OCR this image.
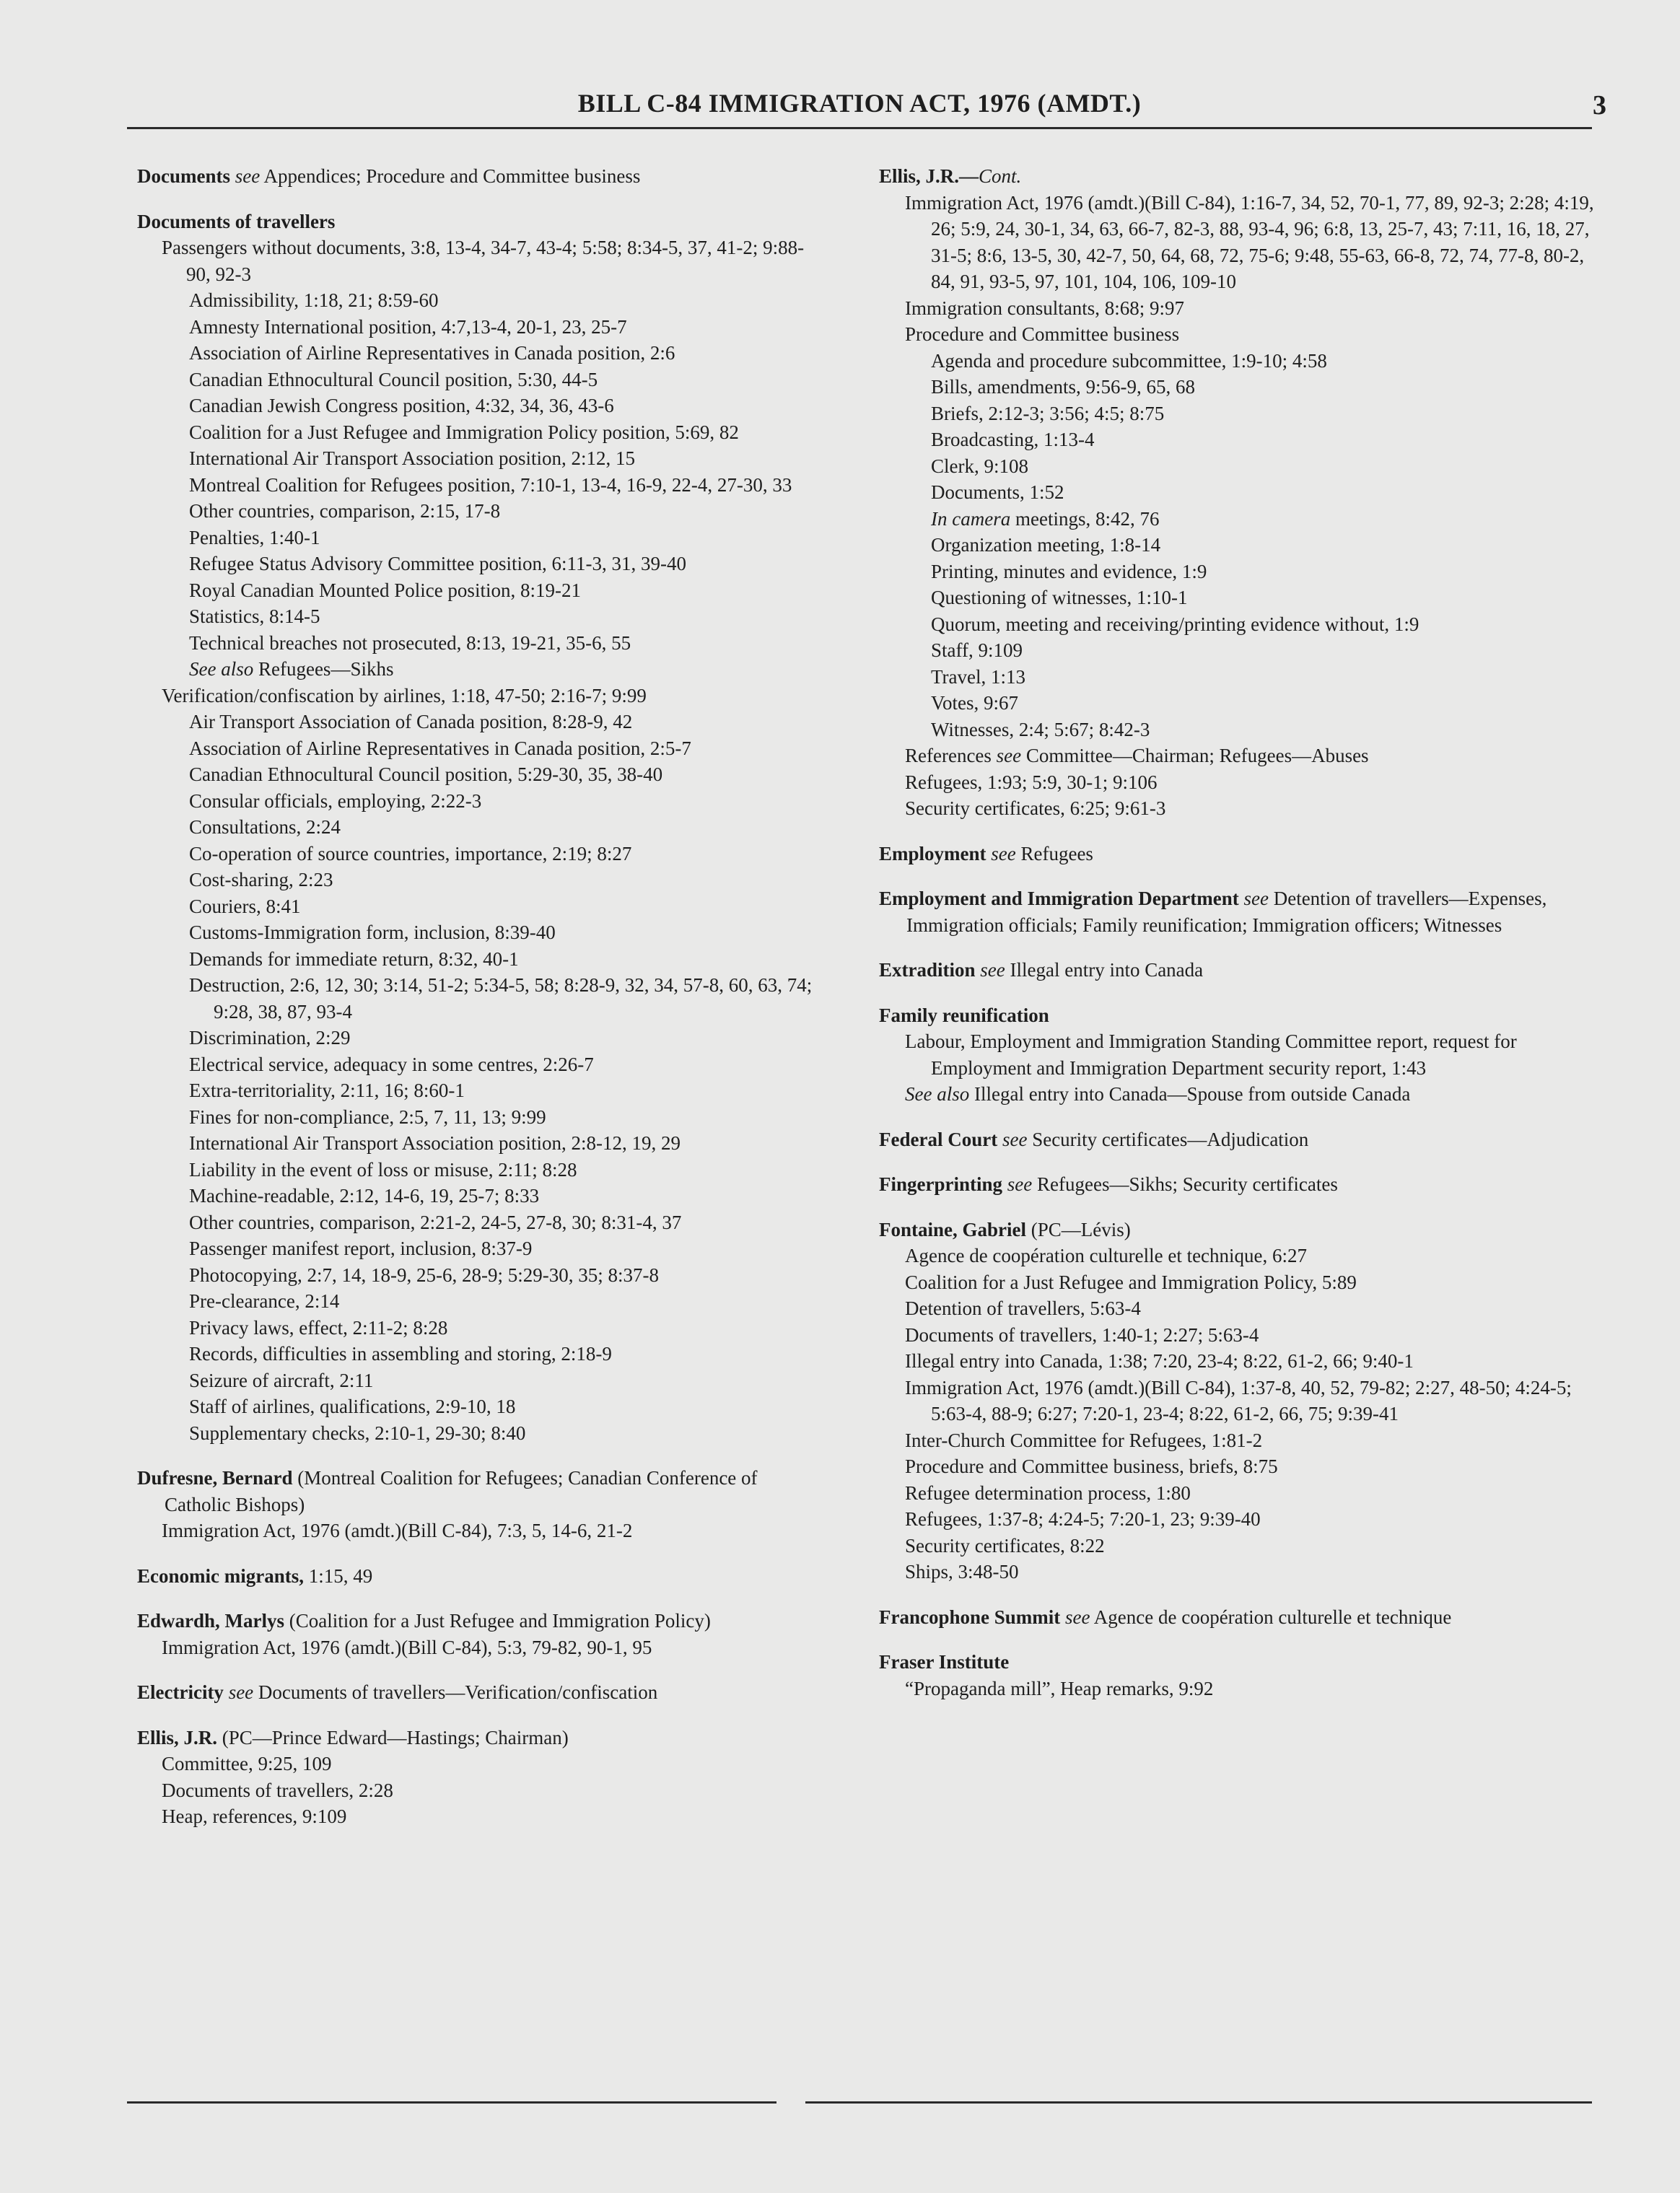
BILL C-84 IMMIGRATION ACT, 1976 (AMDT.)	3
Documents see Appendices; Procedure and Committee business
Documents of travellers
Passengers without documents, 3:8, 13-4, 34-7, 43-4; 5:58; 8:34-5, 37, 41-2; 9:88-90, 92-3
Admissibility, 1:18, 21; 8:59-60
Amnesty International position, 4:7,13-4, 20-1, 23, 25-7
Association of Airline Representatives in Canada position, 2:6
Canadian Ethnocultural Council position, 5:30, 44-5
Canadian Jewish Congress position, 4:32, 34, 36, 43-6
Coalition for a Just Refugee and Immigration Policy position, 5:69, 82
International Air Transport Association position, 2:12, 15
Montreal Coalition for Refugees position, 7:10-1, 13-4, 16-9, 22-4, 27-30, 33
Other countries, comparison, 2:15, 17-8
Penalties, 1:40-1
Refugee Status Advisory Committee position, 6:11-3, 31, 39-40
Royal Canadian Mounted Police position, 8:19-21
Statistics, 8:14-5
Technical breaches not prosecuted, 8:13, 19-21, 35-6, 55
See also Refugees—Sikhs
Verification/confiscation by airlines, 1:18, 47-50; 2:16-7; 9:99
Air Transport Association of Canada position, 8:28-9, 42
Association of Airline Representatives in Canada position, 2:5-7
Canadian Ethnocultural Council position, 5:29-30, 35, 38-40
Consular officials, employing, 2:22-3
Consultations, 2:24
Co-operation of source countries, importance, 2:19; 8:27
Cost-sharing, 2:23
Couriers, 8:41
Customs-Immigration form, inclusion, 8:39-40
Demands for immediate return, 8:32, 40-1
Destruction, 2:6, 12, 30; 3:14, 51-2; 5:34-5, 58; 8:28-9, 32, 34, 57-8, 60, 63, 74; 9:28, 38, 87, 93-4
Discrimination, 2:29
Electrical service, adequacy in some centres, 2:26-7
Extra-territoriality, 2:11, 16; 8:60-1
Fines for non-compliance, 2:5, 7, 11, 13; 9:99
International Air Transport Association position, 2:8-12, 19, 29
Liability in the event of loss or misuse, 2:11; 8:28
Machine-readable, 2:12, 14-6, 19, 25-7; 8:33
Other countries, comparison, 2:21-2, 24-5, 27-8, 30; 8:31-4, 37
Passenger manifest report, inclusion, 8:37-9
Photocopying, 2:7, 14, 18-9, 25-6, 28-9; 5:29-30, 35; 8:37-8
Pre-clearance, 2:14
Privacy laws, effect, 2:11-2; 8:28
Records, difficulties in assembling and storing, 2:18-9
Seizure of aircraft, 2:11
Staff of airlines, qualifications, 2:9-10, 18
Supplementary checks, 2:10-1, 29-30; 8:40
Dufresne, Bernard (Montreal Coalition for Refugees; Canadian Conference of Catholic Bishops)
Immigration Act, 1976 (amdt.)(Bill C-84), 7:3, 5, 14-6, 21-2
Economic migrants, 1:15, 49
Edwardh, Marlys (Coalition for a Just Refugee and Immigration Policy)
Immigration Act, 1976 (amdt.)(Bill C-84), 5:3, 79-82, 90-1, 95
Electricity see Documents of travellers—Verification/confiscation
Ellis, J.R. (PC—Prince Edward—Hastings; Chairman)
Committee, 9:25, 109
Documents of travellers, 2:28
Heap, references, 9:109
Ellis, J.R.—Cont.
Immigration Act, 1976 (amdt.)(Bill C-84), 1:16-7, 34, 52, 70-1, 77, 89, 92-3; 2:28; 4:19, 26; 5:9, 24, 30-1, 34, 63, 66-7, 82-3, 88, 93-4, 96; 6:8, 13, 25-7, 43; 7:11, 16, 18, 27, 31-5; 8:6, 13-5, 30, 42-7, 50, 64, 68, 72, 75-6; 9:48, 55-63, 66-8, 72, 74, 77-8, 80-2, 84, 91, 93-5, 97, 101, 104, 106, 109-10
Immigration consultants, 8:68; 9:97
Procedure and Committee business
Agenda and procedure subcommittee, 1:9-10; 4:58
Bills, amendments, 9:56-9, 65, 68
Briefs, 2:12-3; 3:56; 4:5; 8:75
Broadcasting, 1:13-4
Clerk, 9:108
Documents, 1:52
In camera meetings, 8:42, 76
Organization meeting, 1:8-14
Printing, minutes and evidence, 1:9
Questioning of witnesses, 1:10-1
Quorum, meeting and receiving/printing evidence without, 1:9
Staff, 9:109
Travel, 1:13
Votes, 9:67
Witnesses, 2:4; 5:67; 8:42-3
References see Committee—Chairman; Refugees—Abuses
Refugees, 1:93; 5:9, 30-1; 9:106
Security certificates, 6:25; 9:61-3
Employment see Refugees
Employment and Immigration Department see Detention of travellers—Expenses, Immigration officials; Family reunification; Immigration officers; Witnesses
Extradition see Illegal entry into Canada
Family reunification
Labour, Employment and Immigration Standing Committee report, request for Employment and Immigration Department security report, 1:43
See also Illegal entry into Canada—Spouse from outside Canada
Federal Court see Security certificates—Adjudication
Fingerprinting see Refugees—Sikhs; Security certificates
Fontaine, Gabriel (PC—Lévis)
Agence de coopération culturelle et technique, 6:27
Coalition for a Just Refugee and Immigration Policy, 5:89
Detention of travellers, 5:63-4
Documents of travellers, 1:40-1; 2:27; 5:63-4
Illegal entry into Canada, 1:38; 7:20, 23-4; 8:22, 61-2, 66; 9:40-1
Immigration Act, 1976 (amdt.)(Bill C-84), 1:37-8, 40, 52, 79-82; 2:27, 48-50; 4:24-5; 5:63-4, 88-9; 6:27; 7:20-1, 23-4; 8:22, 61-2, 66, 75; 9:39-41
Inter-Church Committee for Refugees, 1:81-2
Procedure and Committee business, briefs, 8:75
Refugee determination process, 1:80
Refugees, 1:37-8; 4:24-5; 7:20-1, 23; 9:39-40
Security certificates, 8:22
Ships, 3:48-50
Francophone Summit see Agence de coopération culturelle et technique
Fraser Institute
“Propaganda mill”, Heap remarks, 9:92
